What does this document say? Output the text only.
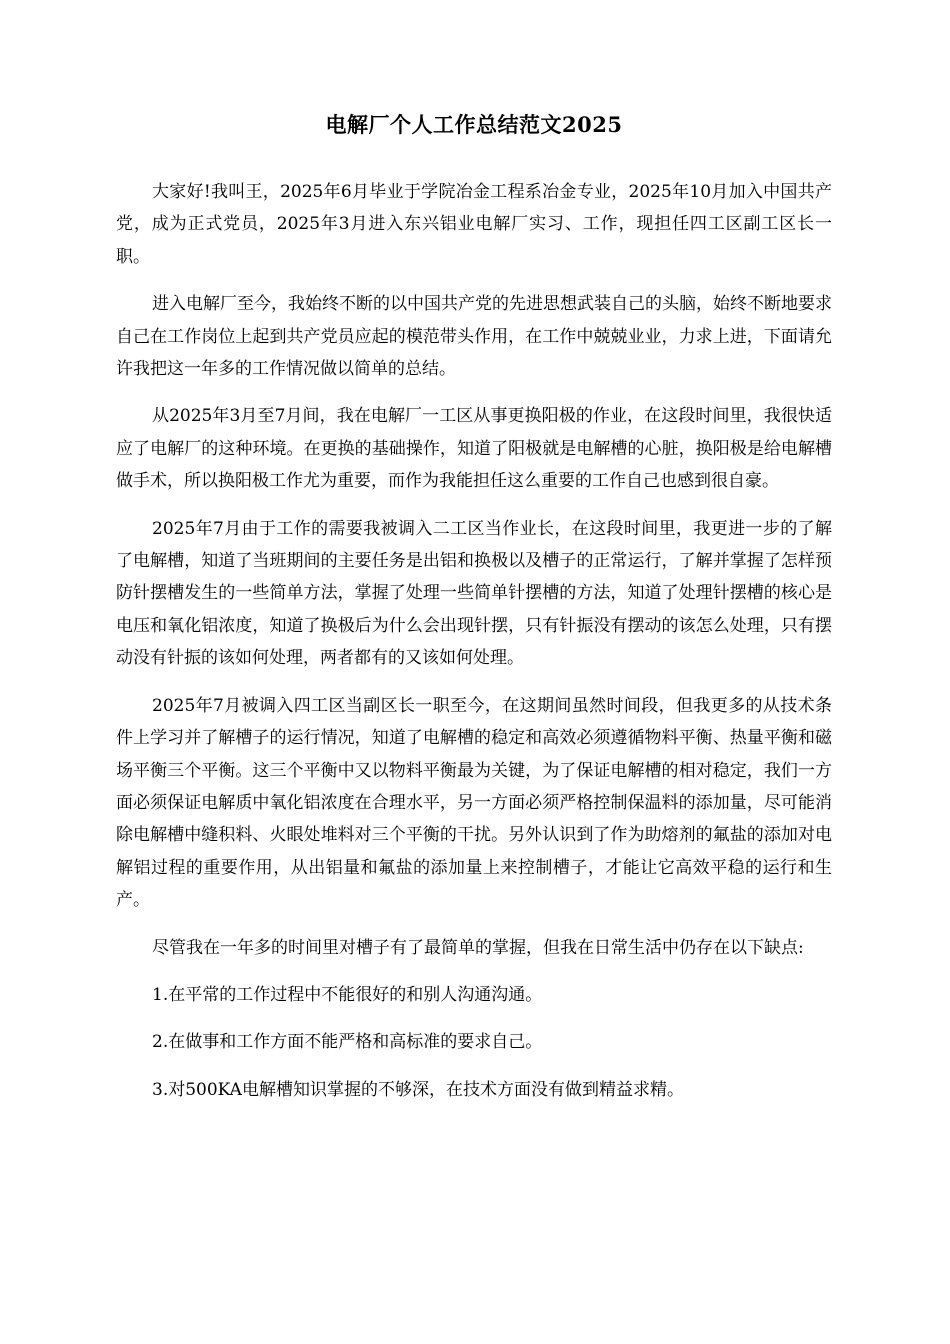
电解厂个人工作总结范文2025

大家好!我叫王，2025年6月毕业于学院冶金工程系冶金专业，2025年10月加入中国共产党，成为正式党员，2025年3月进入东兴铝业电解厂实习、工作，现担任四工区副工区长一职。

进入电解厂至今，我始终不断的以中国共产党的先进思想武装自己的头脑，始终不断地要求自己在工作岗位上起到共产党员应起的模范带头作用，在工作中兢兢业业，力求上进，下面请允许我把这一年多的工作情况做以简单的总结。

从2025年3月至7月间，我在电解厂一工区从事更换阳极的作业，在这段时间里，我很快适应了电解厂的这种环境。在更换的基础操作，知道了阳极就是电解槽的心脏，换阳极是给电解槽做手术，所以换阳极工作尤为重要，而作为我能担任这么重要的工作自己也感到很自豪。

2025年7月由于工作的需要我被调入二工区当作业长，在这段时间里，我更进一步的了解了电解槽，知道了当班期间的主要任务是出铝和换极以及槽子的正常运行，了解并掌握了怎样预防针摆槽发生的一些简单方法，掌握了处理一些简单针摆槽的方法，知道了处理针摆槽的核心是电压和氧化铝浓度，知道了换极后为什么会出现针摆，只有针振没有摆动的该怎么处理，只有摆动没有针振的该如何处理，两者都有的又该如何处理。

2025年7月被调入四工区当副区长一职至今，在这期间虽然时间段，但我更多的从技术条件上学习并了解槽子的运行情况，知道了电解槽的稳定和高效必须遵循物料平衡、热量平衡和磁场平衡三个平衡。这三个平衡中又以物料平衡最为关键，为了保证电解槽的相对稳定，我们一方面必须保证电解质中氧化铝浓度在合理水平，另一方面必须严格控制保温料的添加量，尽可能消除电解槽中缝积料、火眼处堆料对三个平衡的干扰。另外认识到了作为助熔剂的氟盐的添加对电解铝过程的重要作用，从出铝量和氟盐的添加量上来控制槽子，才能让它高效平稳的运行和生产。

尽管我在一年多的时间里对槽子有了最简单的掌握，但我在日常生活中仍存在以下缺点:

1.在平常的工作过程中不能很好的和别人沟通沟通。

2.在做事和工作方面不能严格和高标准的要求自己。

3.对500KA电解槽知识掌握的不够深，在技术方面没有做到精益求精。
